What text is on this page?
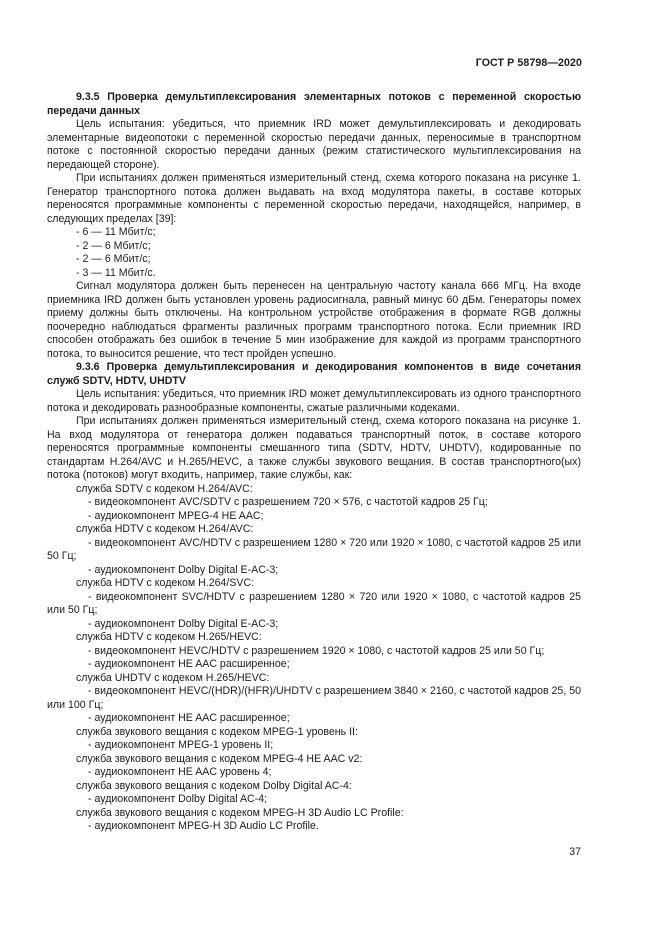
ГОСТ Р 58798—2020

9.3.5 Проверка демультиплексирования элементарных потоков с переменной скоростью передачи данных

Цель испытания: убедиться, что приемник IRD может демультиплексировать и декодировать элементарные видеопотоки с переменной скоростью передачи данных, переносимые в транспортном потоке с постоянной скоростью передачи данных (режим статистического мультиплексирования на передающей стороне).

При испытаниях должен применяться измерительный стенд, схема которого показана на рисунке 1. Генератор транспортного потока должен выдавать на вход модулятора пакеты, в составе которых переносятся программные компоненты с переменной скоростью передачи, находящейся, например, в следующих пределах [39]:

- 6 — 11 Мбит/с;

- 2 — 6 Мбит/с;

- 2 — 6 Мбит/с;

- 3 — 11 Мбит/с.

Сигнал модулятора должен быть перенесен на центральную частоту канала 666 МГц. На входе приемника IRD должен быть установлен уровень радиосигнала, равный минус 60 дБм. Генераторы помех приему должны быть отключены. На контрольном устройстве отображения в формате RGB должны поочередно наблюдаться фрагменты различных программ транспортного потока. Если приемник IRD способен отображать без ошибок в течение 5 мин изображение для каждой из программ транспортного потока, то выносится решение, что тест пройден успешно.

9.3.6 Проверка демультиплексирования и декодирования компонентов в виде сочетания служб SDTV, HDTV, UHDTV

Цель испытания: убедиться, что приемник IRD может демультиплексировать из одного транспортного потока и декодировать разнообразные компоненты, сжатые различными кодеками.

При испытаниях должен применяться измерительный стенд, схема которого показана на рисунке 1. На вход модулятора от генератора должен подаваться транспортный поток, в составе которого переносятся программные компоненты смешанного типа (SDTV, HDTV, UHDTV), кодированные по стандартам H.264/AVC и H.265/HEVC, а также службы звукового вещания. В состав транспортного(ых) потока (потоков) могут входить, например, такие службы, как:

служба SDTV с кодеком H.264/AVC:

- видеокомпонент AVC/SDTV с разрешением 720 × 576, с частотой кадров 25 Гц;

- аудиокомпонент MPEG-4 HE AAC;

служба HDTV с кодеком H.264/AVC:

- видеокомпонент AVC/HDTV с разрешением 1280 × 720 или 1920 × 1080, с частотой кадров 25 или 50 Гц;

- аудиокомпонент Dolby Digital E-AC-3;

служба HDTV с кодеком H.264/SVC:

- видеокомпонент SVC/HDTV с разрешением 1280 × 720 или 1920 × 1080, с частотой кадров 25 или 50 Гц;

- аудиокомпонент Dolby Digital E-AC-3;

служба HDTV с кодеком H.265/HEVC:

- видеокомпонент HEVC/HDTV с разрешением 1920 × 1080, с частотой кадров 25 или 50 Гц;

- аудиокомпонент HE AAC расширенное;

служба UHDTV с кодеком H.265/HEVC:

- видеокомпонент HEVC/(HDR)/(HFR)/UHDTV с разрешением 3840 × 2160, с частотой кадров 25, 50 или 100 Гц;

- аудиокомпонент HE AAC расширенное;

служба звукового вещания с кодеком MPEG-1 уровень II:

- аудиокомпонент MPEG-1 уровень II;

служба звукового вещания с кодеком MPEG-4 HE AAC v2:

- аудиокомпонент HE AAC уровень 4;

служба звукового вещания с кодеком Dolby Digital AC-4:

- аудиокомпонент Dolby Digital AC-4;

служба звукового вещания с кодеком MPEG-H 3D Audio LC Profile:

- аудиокомпонент MPEG-H 3D Audio LC Profile.

37
